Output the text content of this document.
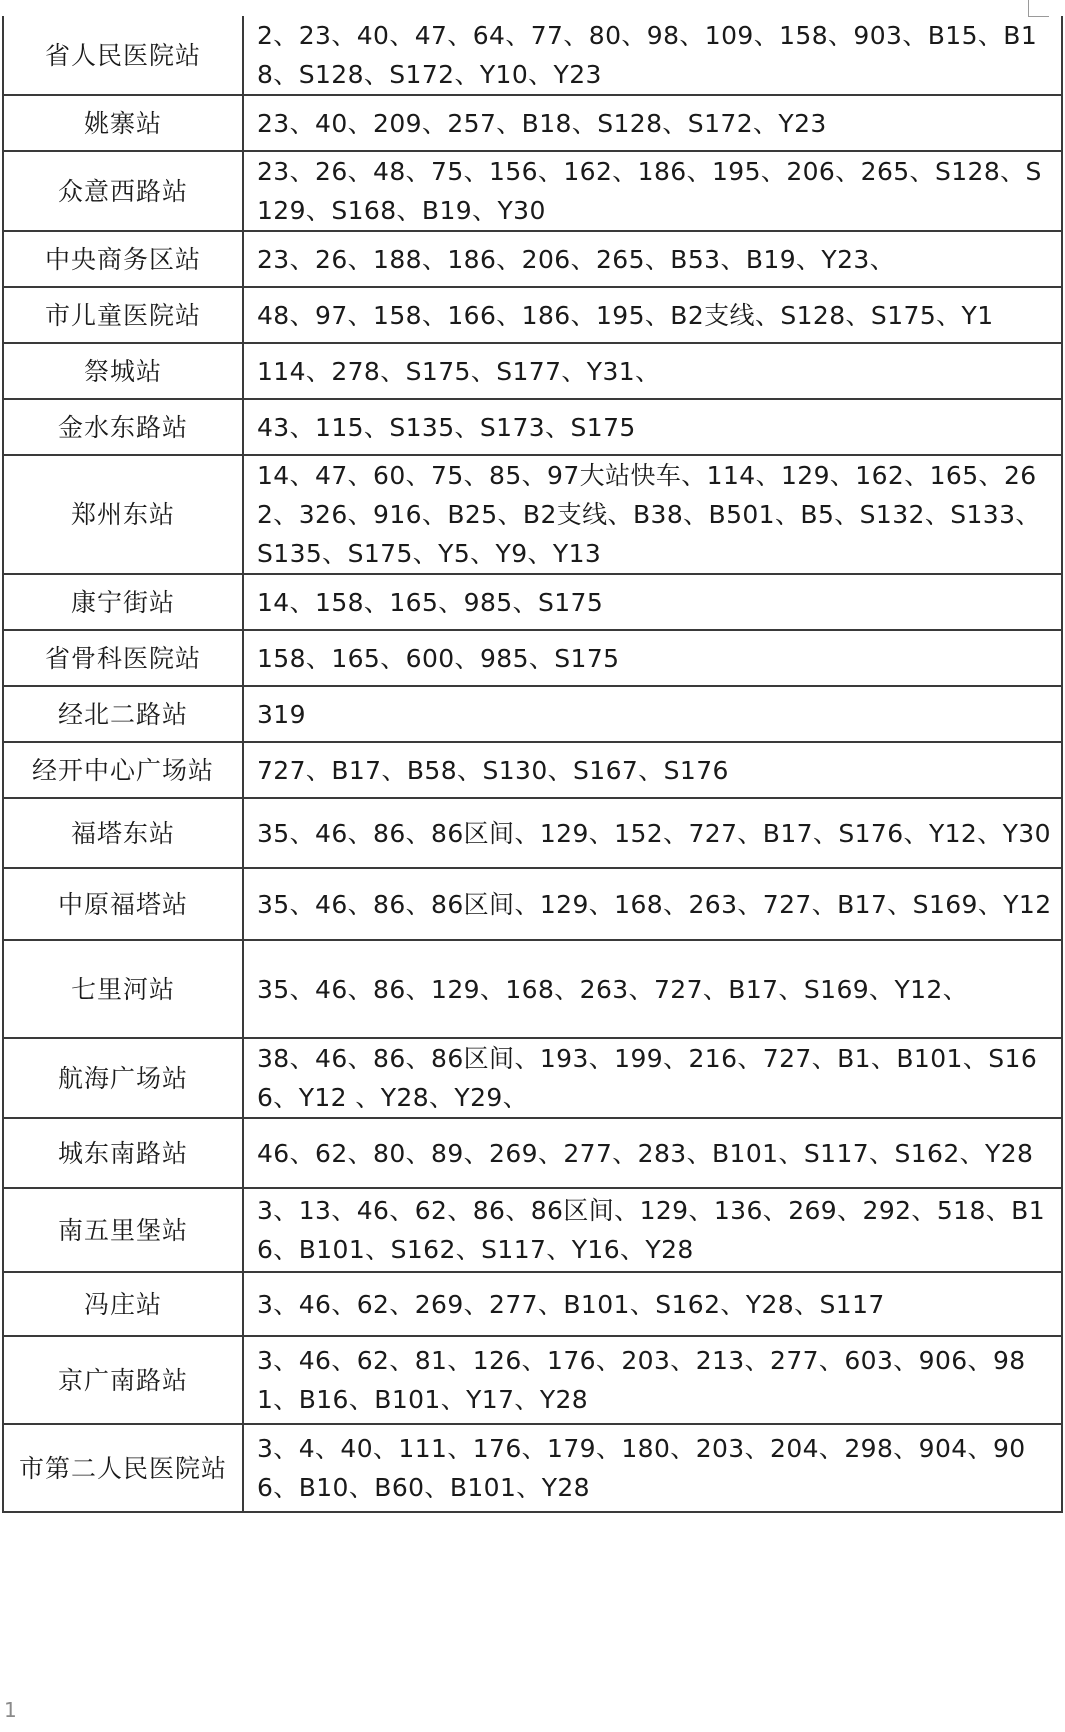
省人民医院站	2、23、40、47、64、77、80、98、109、158、903、B15、B18、S128、S172、Y10、Y23
姚寨站	23、40、209、257、B18、S128、S172、Y23
众意西路站	23、26、48、75、156、162、186、195、206、265、S128、S129、S168、B19、Y30
中央商务区站	23、26、188、186、206、265、B53、B19、Y23、
市儿童医院站	48、97、158、166、186、195、B2支线、S128、S175、Y1
祭城站	114、278、S175、S177、Y31、
金水东路站	43、115、S135、S173、S175
郑州东站	14、47、60、75、85、97大站快车、114、129、162、165、262、326、916、B25、B2支线、B38、B501、B5、S132、S133、S135、S175、Y5、Y9、Y13
康宁街站	14、158、165、985、S175
省骨科医院站	158、165、600、985、S175
经北二路站	319
经开中心广场站	727、B17、B58、S130、S167、S176
福塔东站	35、46、86、86区间、129、152、727、B17、S176、Y12、Y30
中原福塔站	35、46、86、86区间、129、168、263、727、B17、S169、Y12
七里河站	35、46、86、129、168、263、727、B17、S169、Y12、
航海广场站	38、46、86、86区间、193、199、216、727、B1、B101、S166、Y12 、Y28、Y29、
城东南路站	46、62、80、89、269、277、283、B101、S117、S162、Y28
南五里堡站	3、13、46、62、86、86区间、129、136、269、292、518、B16、B101、S162、S117、Y16、Y28
冯庄站	3、46、62、269、277、B101、S162、Y28、S117
京广南路站	3、46、62、81、126、176、203、213、277、603、906、981、B16、B101、Y17、Y28
市第二人民医院站	3、4、40、111、176、179、180、203、204、298、904、906、B10、B60、B101、Y28
1
